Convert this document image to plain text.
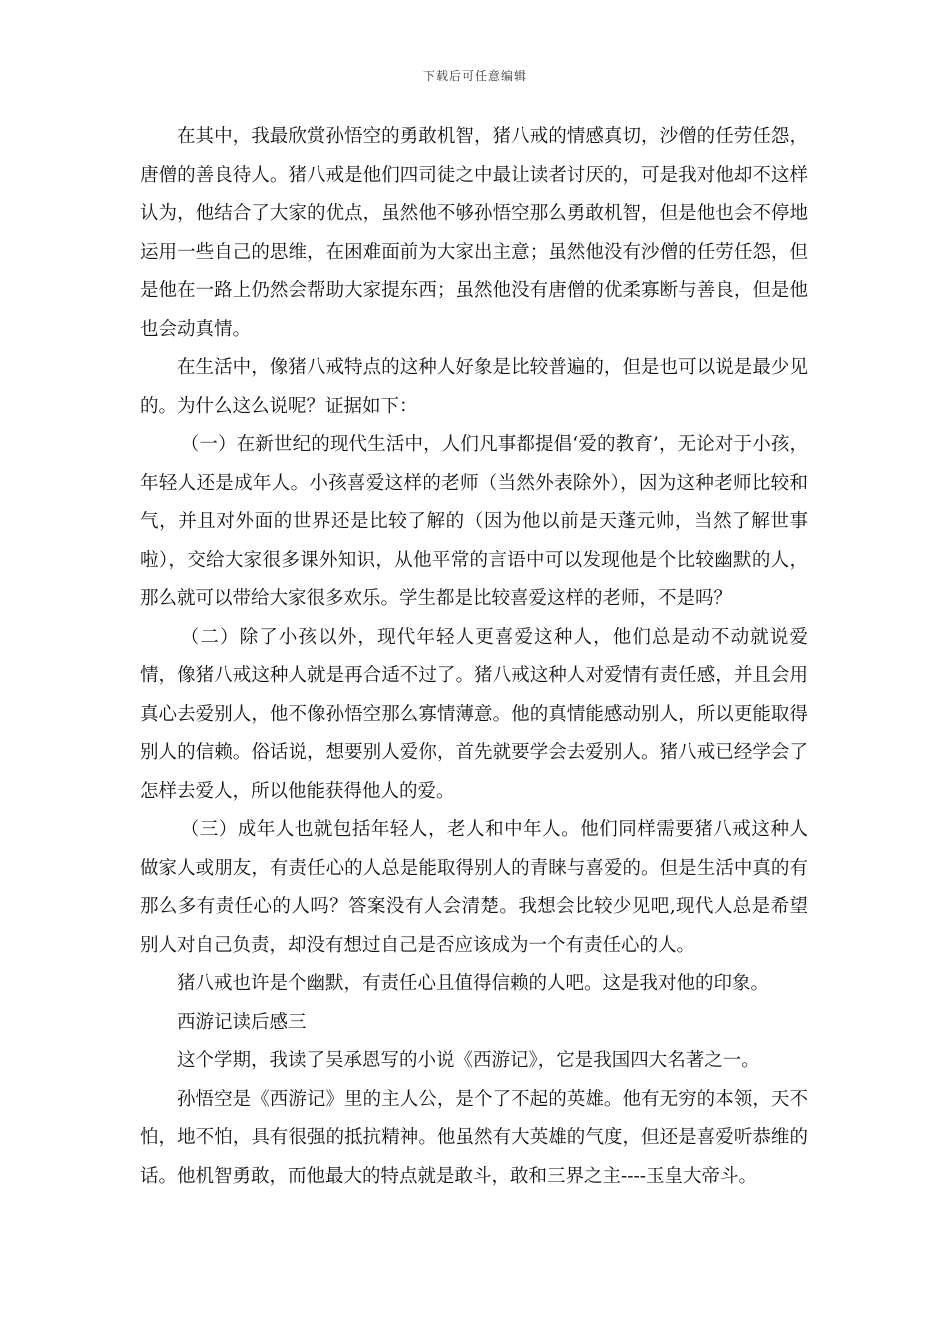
下载后可任意编辑

在其中，我最欣赏孙悟空的勇敢机智，猪八戒的情感真切，沙僧的任劳任怨，唐僧的善良待人。猪八戒是他们四司徒之中最让读者讨厌的，可是我对他却不这样认为，他结合了大家的优点，虽然他不够孙悟空那么勇敢机智，但是他也会不停地运用一些自己的思维，在困难面前为大家出主意；虽然他没有沙僧的任劳任怨，但是他在一路上仍然会帮助大家提东西；虽然他没有唐僧的优柔寡断与善良，但是他也会动真情。

在生活中，像猪八戒特点的这种人好象是比较普遍的，但是也可以说是最少见的。为什么这么说呢？证据如下：

（一）在新世纪的现代生活中，人们凡事都提倡‘爱的教育’，无论对于小孩，年轻人还是成年人。小孩喜爱这样的老师（当然外表除外），因为这种老师比较和气，并且对外面的世界还是比较了解的（因为他以前是天蓬元帅，当然了解世事啦），交给大家很多课外知识，从他平常的言语中可以发现他是个比较幽默的人，那么就可以带给大家很多欢乐。学生都是比较喜爱这样的老师，不是吗？

（二）除了小孩以外，现代年轻人更喜爱这种人，他们总是动不动就说爱情，像猪八戒这种人就是再合适不过了。猪八戒这种人对爱情有责任感，并且会用真心去爱别人，他不像孙悟空那么寡情薄意。他的真情能感动别人，所以更能取得别人的信赖。俗话说，想要别人爱你，首先就要学会去爱别人。猪八戒已经学会了怎样去爱人，所以他能获得他人的爱。

（三）成年人也就包括年轻人，老人和中年人。他们同样需要猪八戒这种人做家人或朋友，有责任心的人总是能取得别人的青睐与喜爱的。但是生活中真的有那么多有责任心的人吗？答案没有人会清楚。我想会比较少见吧,现代人总是希望别人对自己负责，却没有想过自己是否应该成为一个有责任心的人。

猪八戒也许是个幽默，有责任心且值得信赖的人吧。这是我对他的印象。

西游记读后感三

这个学期，我读了吴承恩写的小说《西游记》，它是我国四大名著之一。

孙悟空是《西游记》里的主人公，是个了不起的英雄。他有无穷的本领，天不怕，地不怕，具有很强的抵抗精神。他虽然有大英雄的气度，但还是喜爱听恭维的话。他机智勇敢，而他最大的特点就是敢斗，敢和三界之主----玉皇大帝斗。
